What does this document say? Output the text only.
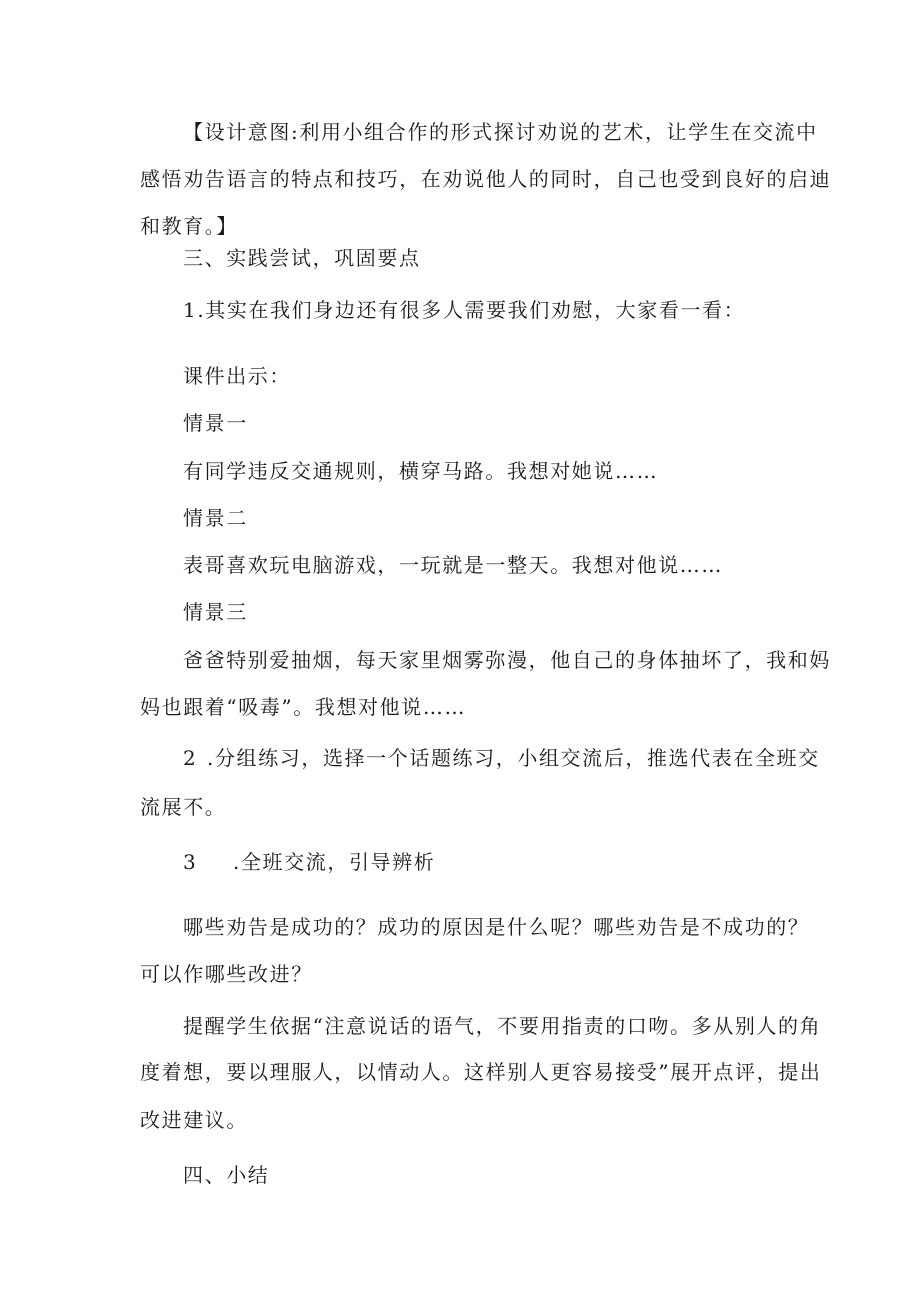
【设计意图:利用小组合作的形式探讨劝说的艺术，让学生在交流中
感悟劝告语言的特点和技巧，在劝说他人的同时，自己也受到良好的启迪
和教育。】
三、实践尝试，巩固要点
1.其实在我们身边还有很多人需要我们劝慰，大家看一看：
课件出示：
情景一
有同学违反交通规则，横穿马路。我想对她说……
情景二
表哥喜欢玩电脑游戏，一玩就是一整天。我想对他说……
情景三
爸爸特别爱抽烟，每天家里烟雾弥漫，他自己的身体抽坏了，我和妈
妈也跟着“吸毒”。我想对他说……
2 .分组练习，选择一个话题练习，小组交流后，推选代表在全班交
流展不。
3 .全班交流，引导辨析
哪些劝告是成功的？成功的原因是什么呢？哪些劝告是不成功的？
可以作哪些改进？
提醒学生依据“注意说话的语气，不要用指责的口吻。多从别人的角
度着想，要以理服人，以情动人。这样别人更容易接受”展开点评，提出
改进建议。
四、小结
